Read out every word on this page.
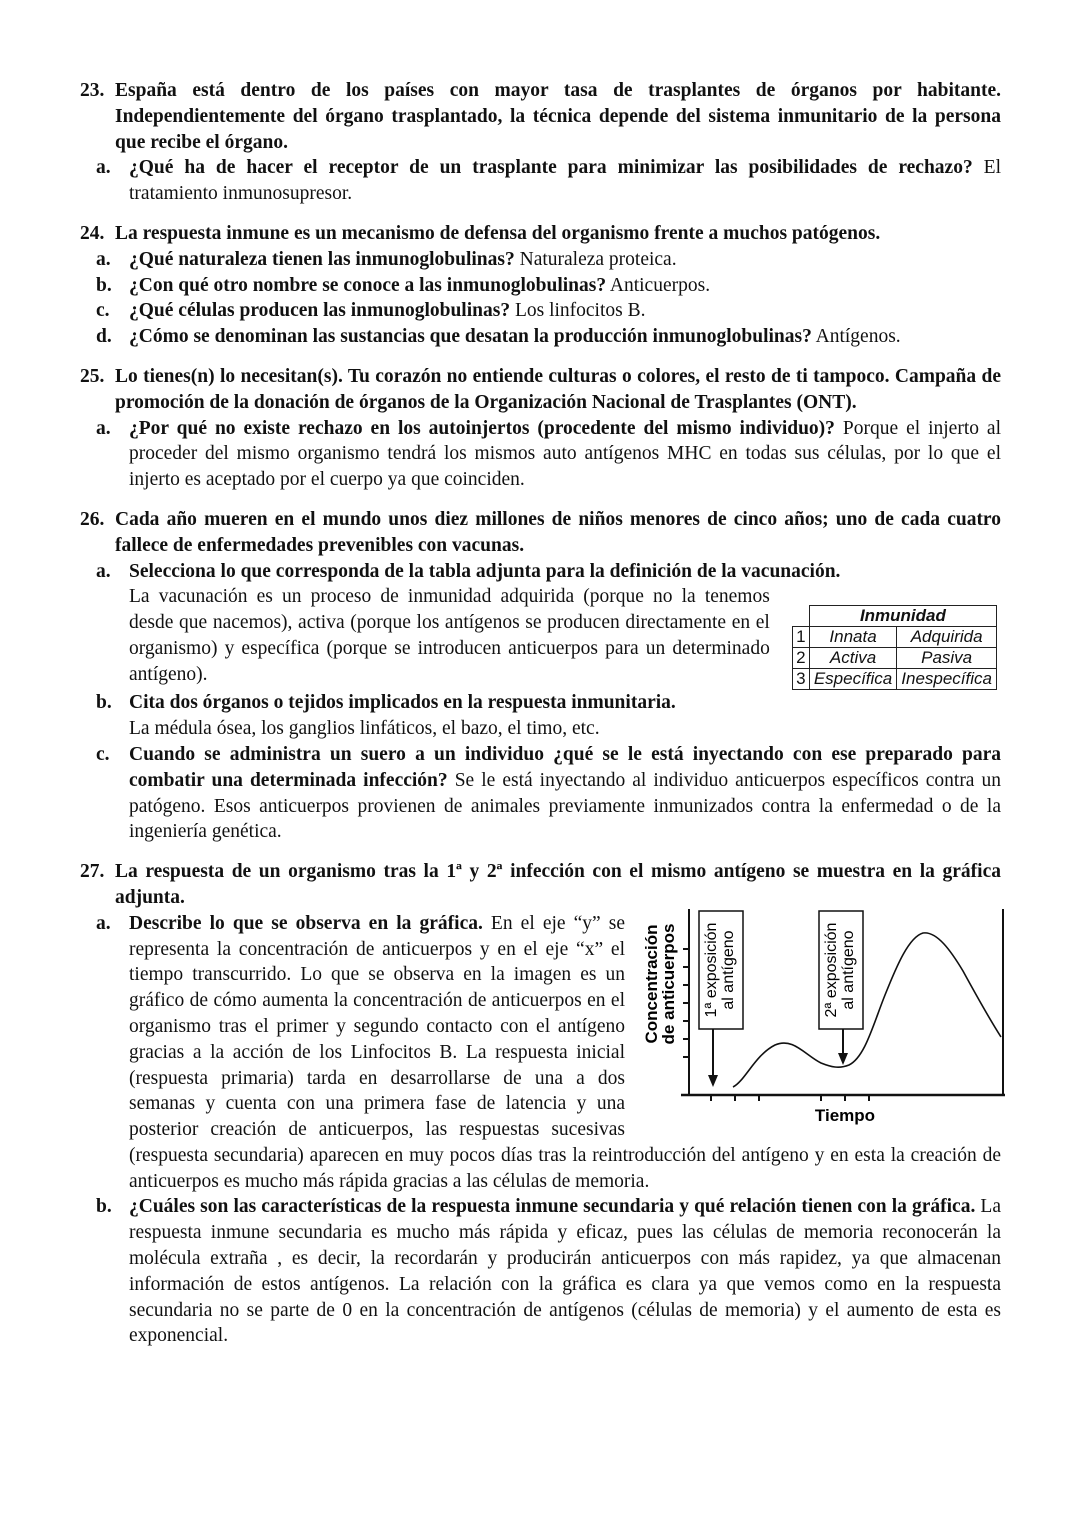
23. España está dentro de los países con mayor tasa de trasplantes de órganos por habitante. Independientemente del órgano trasplantado, la técnica depende del sistema inmunitario de la persona que recibe el órgano.
a. ¿Qué ha de hacer el receptor de un trasplante para minimizar las posibilidades de rechazo? El tratamiento inmunosupresor.
24. La respuesta inmune es un mecanismo de defensa del organismo frente a muchos patógenos.
a. ¿Qué naturaleza tienen las inmunoglobulinas? Naturaleza proteica.
b. ¿Con qué otro nombre se conoce a las inmunoglobulinas? Anticuerpos.
c. ¿Qué células producen las inmunoglobulinas? Los linfocitos B.
d. ¿Cómo se denominan las sustancias que desatan la producción inmunoglobulinas? Antígenos.
25. Lo tienes(n) lo necesitan(s). Tu corazón no entiende culturas o colores, el resto de ti tampoco. Campaña de promoción de la donación de órganos de la Organización Nacional de Trasplantes (ONT).
a. ¿Por qué no existe rechazo en los autoinjertos (procedente del mismo individuo)? Porque el injerto al proceder del mismo organismo tendrá los mismos auto antígenos MHC en todas sus células, por lo que el injerto es aceptado por el cuerpo ya que coinciden.
26. Cada año mueren en el mundo unos diez millones de niños menores de cinco años; uno de cada cuatro fallece de enfermedades prevenibles con vacunas.
a. Selecciona lo que corresponda de la tabla adjunta para la definición de la vacunación.

	Inmunidad	
1	Innata	Adquirida
2	Activa	Pasiva
3	Específica	Inespecífica
La vacunación es un proceso de inmunidad adquirida (porque no la tenemos desde que nacemos), activa (porque los antígenos se producen directamente en el organismo) y específica (porque se introducen anticuerpos para un determinado antígeno).
b. Cita dos órganos o tejidos implicados en la respuesta inmunitaria.
La médula ósea, los ganglios linfáticos, el bazo, el timo, etc.
c. Cuando se administra un suero a un individuo ¿qué se le está inyectando con ese preparado para combatir una determinada infección? Se le está inyectando al individuo anticuerpos específicos contra un patógeno. Esos anticuerpos provienen de animales previamente inmunizados contra la enfermedad o de la ingeniería genética.
27. La respuesta de un organismo tras la 1ª y 2ª infección con el mismo antígeno se muestra en la gráfica adjunta.
a.
Concentración
de anticuerpos 1ª exposición al antígeno	2ª exposición al antígeno
Tiempo
Describe lo que se observa en la gráfica. En el eje “y” se representa la concentración de anticuerpos y en el eje “x” el tiempo transcurrido. Lo que se observa en la imagen es un gráfico de cómo aumenta la concentración de anticuerpos en el organismo tras el primer y segundo contacto con el antígeno gracias a la acción de los Linfocitos B. La respuesta inicial (respuesta primaria) tarda en desarrollarse de una a dos semanas y cuenta con una primera fase de latencia y una posterior creación de anticuerpos, las respuestas sucesivas (respuesta secundaria) aparecen en muy pocos días tras la reintroducción del antígeno y en esta la creación de anticuerpos es mucho más rápida gracias a las células de memoria.
b. ¿Cuáles son las características de la respuesta inmune secundaria y qué relación tienen con la gráfica. La respuesta inmune secundaria es mucho más rápida y eficaz, pues las células de memoria reconocerán la molécula extraña , es decir, la recordarán y producirán anticuerpos con más rapidez, ya que almacenan información de estos antígenos. La relación con la gráfica es clara ya que vemos como en la respuesta secundaria no se parte de 0 en la concentración de antígenos (células de memoria) y el aumento de esta es exponencial.
